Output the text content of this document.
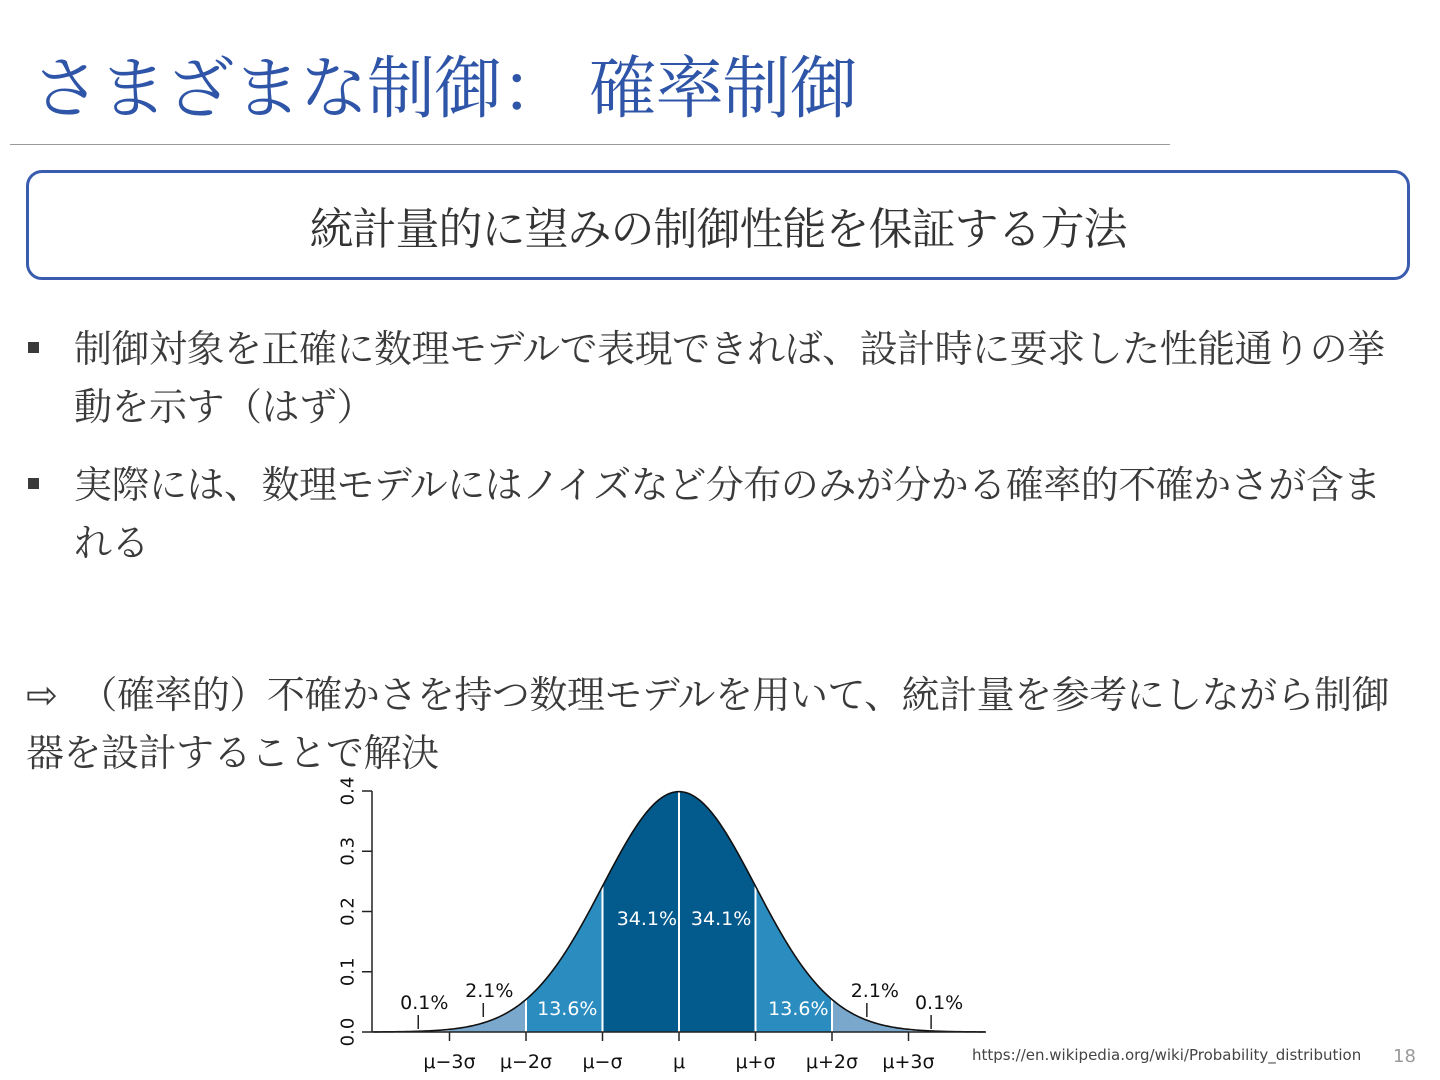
さまざまな制御： 確率制御
統計量的に望みの制御性能を保証する方法
制御対象を正確に数理モデルで表現できれば、設計時に要求した性能通りの挙動を示す（はず）
実際には、数理モデルにはノイズなど分布のみが分かる確率的不確かさが含まれる
⇨ （確率的）不確かさを持つ数理モデルを用いて、統計量を参考にしながら制御器を設計することで解決
0.0
0.1
0.2
0.3
0.4
μ−3σ μ−2σ μ−σ	μ	μ+σ μ+2σ μ+3σ
0.1%
2.1%
13.6%
34.1% 34.1%
13.6%
2.1%
0.1%
https://en.wikipedia.org/wiki/Probability_distribution 18
